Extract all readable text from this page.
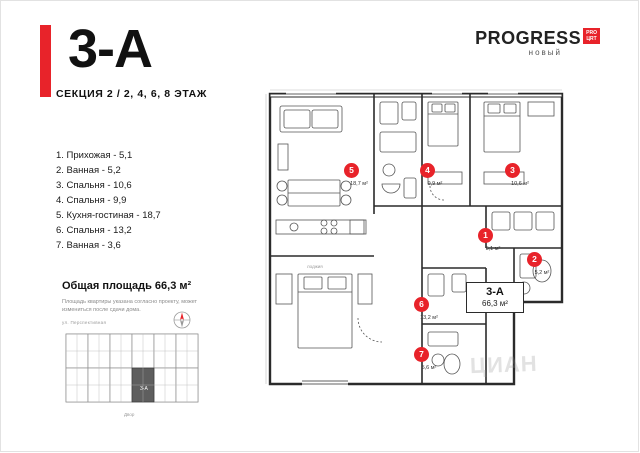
3-А
СЕКЦИЯ 2 / 2, 4, 6, 8 ЭТАЖ
1. Прихожая - 5,1
2. Ванная - 5,2
3. Спальня - 10,6
4. Спальня - 9,9
5. Кухня-гостиная - 18,7
6. Спальня - 13,2
7. Ванная - 3,6
Общая площадь 66,3 м²
Площадь квартиры указана согласно проекту, может измениться после сдачи дома.
ул. Перспективная
3-А
Двор
PROGRESS PRO
ЦRT
новый
лоджия
1
5,1 м²
2
5,2 м²
3
10,6 м²
4
9,9 м²
5
18,7 м²
6
13,2 м²
7
5,6 м²
3-А
66,3 м²
ЦИАН
